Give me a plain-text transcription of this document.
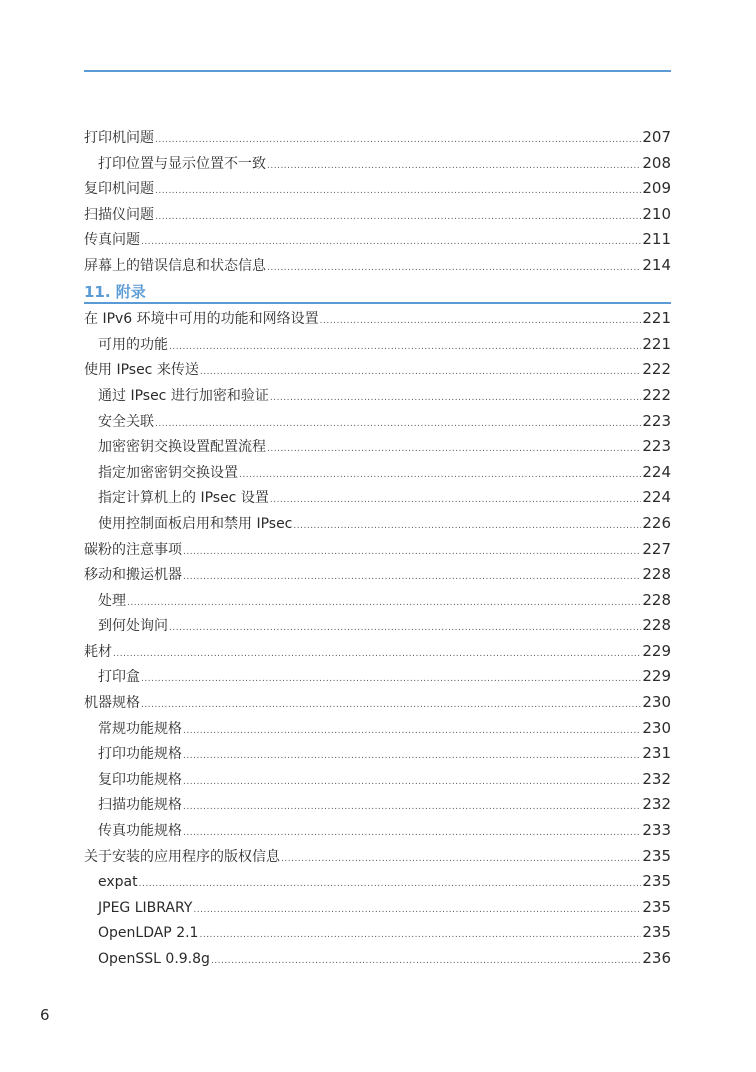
打印机问题 .....	207
打印位置与显示位置不一致 .....	208
复印机问题 .....	209
扫描仪问题 .....	210
传真问题 .....	211
屏幕上的错误信息和状态信息 .....	214
11. 附录
在 IPv6 环境中可用的功能和网络设置 .....	221
可用的功能 .....	221
使用 IPsec 来传送 .....	222
通过 IPsec 进行加密和验证 .....	222
安全关联 .....	223
加密密钥交换设置配置流程 .....	223
指定加密密钥交换设置 .....	224
指定计算机上的 IPsec 设置 .....	224
使用控制面板启用和禁用 IPsec .....	226
碳粉的注意事项 .....	227
移动和搬运机器 .....	228
处理 .....	228
到何处询问 .....	228
耗材 .....	229
打印盒 .....	229
机器规格 .....	230
常规功能规格 .....	230
打印功能规格 .....	231
复印功能规格 .....	232
扫描功能规格 .....	232
传真功能规格 .....	233
关于安装的应用程序的版权信息 .....	235
expat .....	235
JPEG LIBRARY .....	235
OpenLDAP 2.1 .....	235
OpenSSL 0.9.8g .....	236
6
